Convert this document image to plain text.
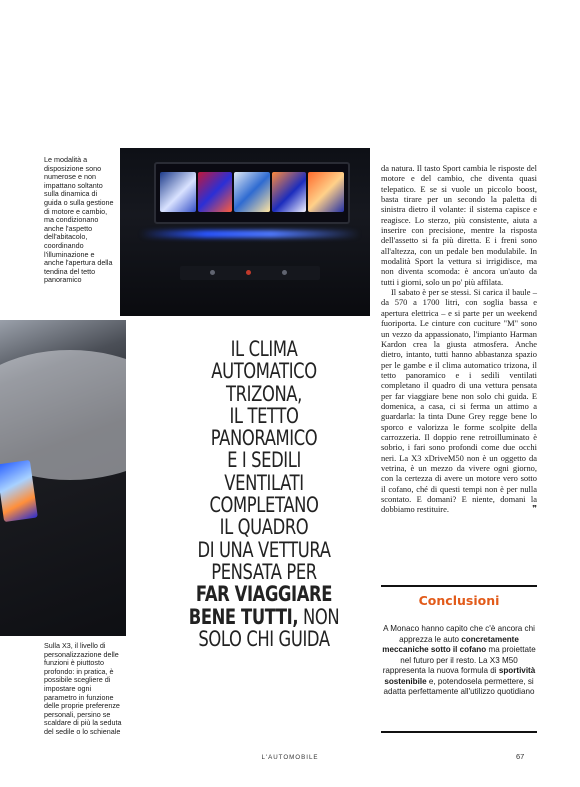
Le modalità a disposizione sono numerose e non impattano soltanto sulla dinamica di guida o sulla gestione di motore e cambio, ma condizionano anche l'aspetto dell'abitacolo, coordinando l'illuminazione e anche l'apertura della tendina del tetto panoramico
Sulla X3, il livello di personalizzazione delle funzioni è piuttosto profondo: in pratica, è possibile scegliere di impostare ogni parametro in funzione delle proprie preferenze personali, persino se scaldare di più la seduta del sedile o lo schienale
IL CLIMA
AUTOMATICO
TRIZONA,
IL TETTO
PANORAMICO
E I SEDILI
VENTILATI
COMPLETANO
IL QUADRO
DI UNA VETTURA
PENSATA PER
FAR VIAGGIARE
BENE TUTTI, NON
SOLO CHI GUIDA

da natura. Il tasto Sport cambia le risposte del motore e del cambio, che diventa quasi telepatico. E se si vuole un piccolo boost, basta tirare per un secondo la paletta di sinistra dietro il volante: il sistema capisce e reagisce. Lo sterzo, più consistente, aiuta a inserire con precisione, mentre la risposta dell'assetto si fa più diretta. E i freni sono all'altezza, con un pedale ben modulabile. In modalità Sport la vettura si irrigidisce, ma non diventa scomoda: è ancora un'auto da tutti i giorni, solo un po' più affilata.

Il sabato è per se stessi. Si carica il baule – da 570 a 1700 litri, con soglia bassa e apertura elettrica – e si parte per un weekend fuoriporta. Le cinture con cuciture "M" sono un vezzo da appassionato, l'impianto Harman Kardon crea la giusta atmosfera. Anche dietro, intanto, tutti hanno abbastanza spazio per le gambe e il clima automatico trizona, il tetto panoramico e i sedili ventilati completano il quadro di una vettura pensata per far viaggiare bene non solo chi guida. E domenica, a casa, ci si ferma un attimo a guardarla: la tinta Dune Grey regge bene lo sporco e valorizza le forme scolpite della carrozzeria. Il doppio rene retroilluminato è sobrio, i fari sono profondi come due occhi neri. La X3 xDriveM50 non è un oggetto da vetrina, è un mezzo da vivere ogni giorno, con la certezza di avere un motore vero sotto il cofano, ché di questi tempi non è per nulla scontato. E domani? E niente, domani la dobbiamo restituire.	❞

Conclusioni
A Monaco hanno capito che c'è ancora chi apprezza le auto concretamente meccaniche sotto il cofano ma proiettate nel futuro per il resto. La X3 M50 rappresenta la nuova formula di sportività sostenibile e, potendosela permettere, si adatta perfettamente all'utilizzo quotidiano
L'AUTOMOBILE	67
